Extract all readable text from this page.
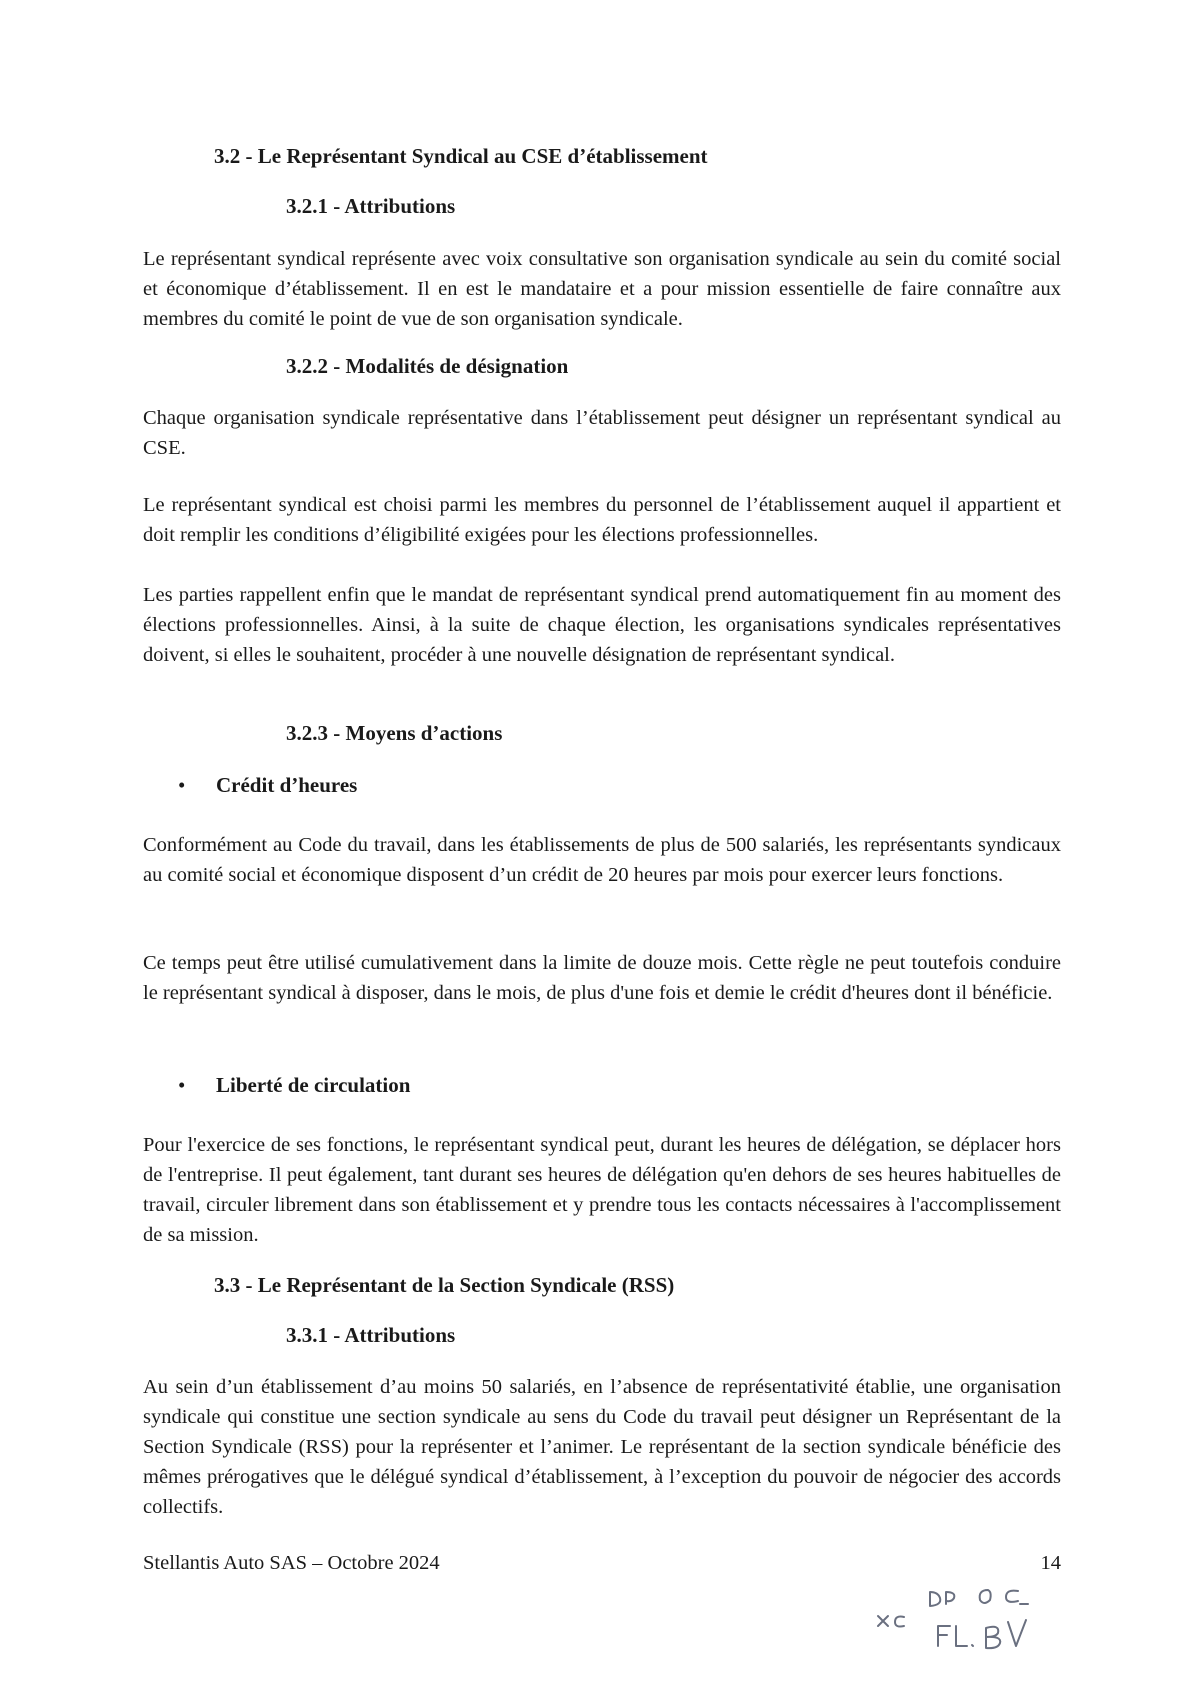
3.2 - Le Représentant Syndical au CSE d’établissement
3.2.1 - Attributions
Le représentant syndical représente avec voix consultative son organisation syndicale au sein du comité social et économique d’établissement. Il en est le mandataire et a pour mission essentielle de faire connaître aux membres du comité le point de vue de son organisation syndicale.
3.2.2 - Modalités de désignation
Chaque organisation syndicale représentative dans l’établissement peut désigner un représentant syndical au CSE.
Le représentant syndical est choisi parmi les membres du personnel de l’établissement auquel il appartient et doit remplir les conditions d’éligibilité exigées pour les élections professionnelles.
Les parties rappellent enfin que le mandat de représentant syndical prend automatiquement fin au moment des élections professionnelles. Ainsi, à la suite de chaque élection, les organisations syndicales représentatives doivent, si elles le souhaitent, procéder à une nouvelle désignation de représentant syndical.
3.2.3 - Moyens d’actions
• Crédit d’heures
Conformément au Code du travail, dans les établissements de plus de 500 salariés, les représentants syndicaux au comité social et économique disposent d’un crédit de 20 heures par mois pour exercer leurs fonctions.
Ce temps peut être utilisé cumulativement dans la limite de douze mois. Cette règle ne peut toutefois conduire le représentant syndical à disposer, dans le mois, de plus d'une fois et demie le crédit d'heures dont il bénéficie.
• Liberté de circulation
Pour l'exercice de ses fonctions, le représentant syndical peut, durant les heures de délégation, se déplacer hors de l'entreprise. Il peut également, tant durant ses heures de délégation qu'en dehors de ses heures habituelles de travail, circuler librement dans son établissement et y prendre tous les contacts nécessaires à l'accomplissement de sa mission.
3.3 - Le Représentant de la Section Syndicale (RSS)
3.3.1 - Attributions
Au sein d’un établissement d’au moins 50 salariés, en l’absence de représentativité établie, une organisation syndicale qui constitue une section syndicale au sens du Code du travail peut désigner un Représentant de la Section Syndicale (RSS) pour la représenter et l’animer. Le représentant de la section syndicale bénéficie des mêmes prérogatives que le délégué syndical d’établissement, à l’exception du pouvoir de négocier des accords collectifs.
Stellantis Auto SAS – Octobre 2024	14
